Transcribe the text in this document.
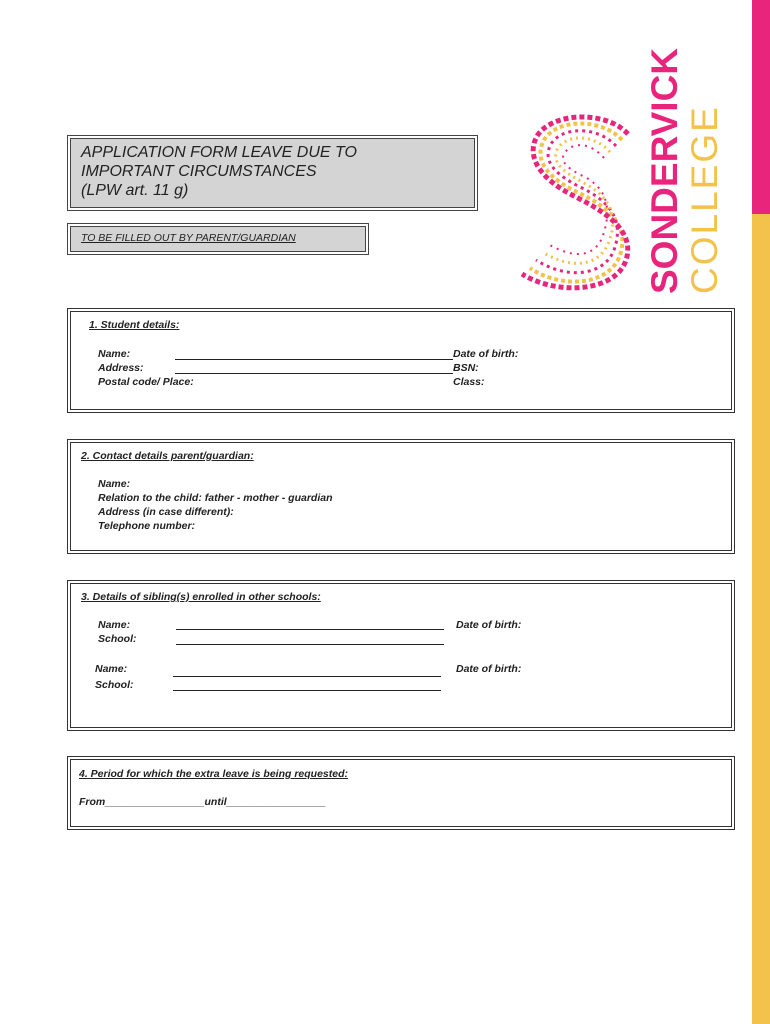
APPLICATION FORM LEAVE DUE TO
IMPORTANT CIRCUMSTANCES
(LPW art. 11 g)
TO BE FILLED OUT BY PARENT/GUARDIAN	SONDERVICK COLLEGE
1. Student details:
Name:
Address:
Postal code/ Place:
Date of birth:
BSN:
Class:
2. Contact details parent/guardian:
Name:
Relation to the child: father - mother - guardian
Address (in case different):
Telephone number:
3. Details of sibling(s) enrolled in other schools:
Name:
School:
Date of birth:
Name:
School:
Date of birth:
4. Period for which the extra leave is being requested:
From_________________until_________________
